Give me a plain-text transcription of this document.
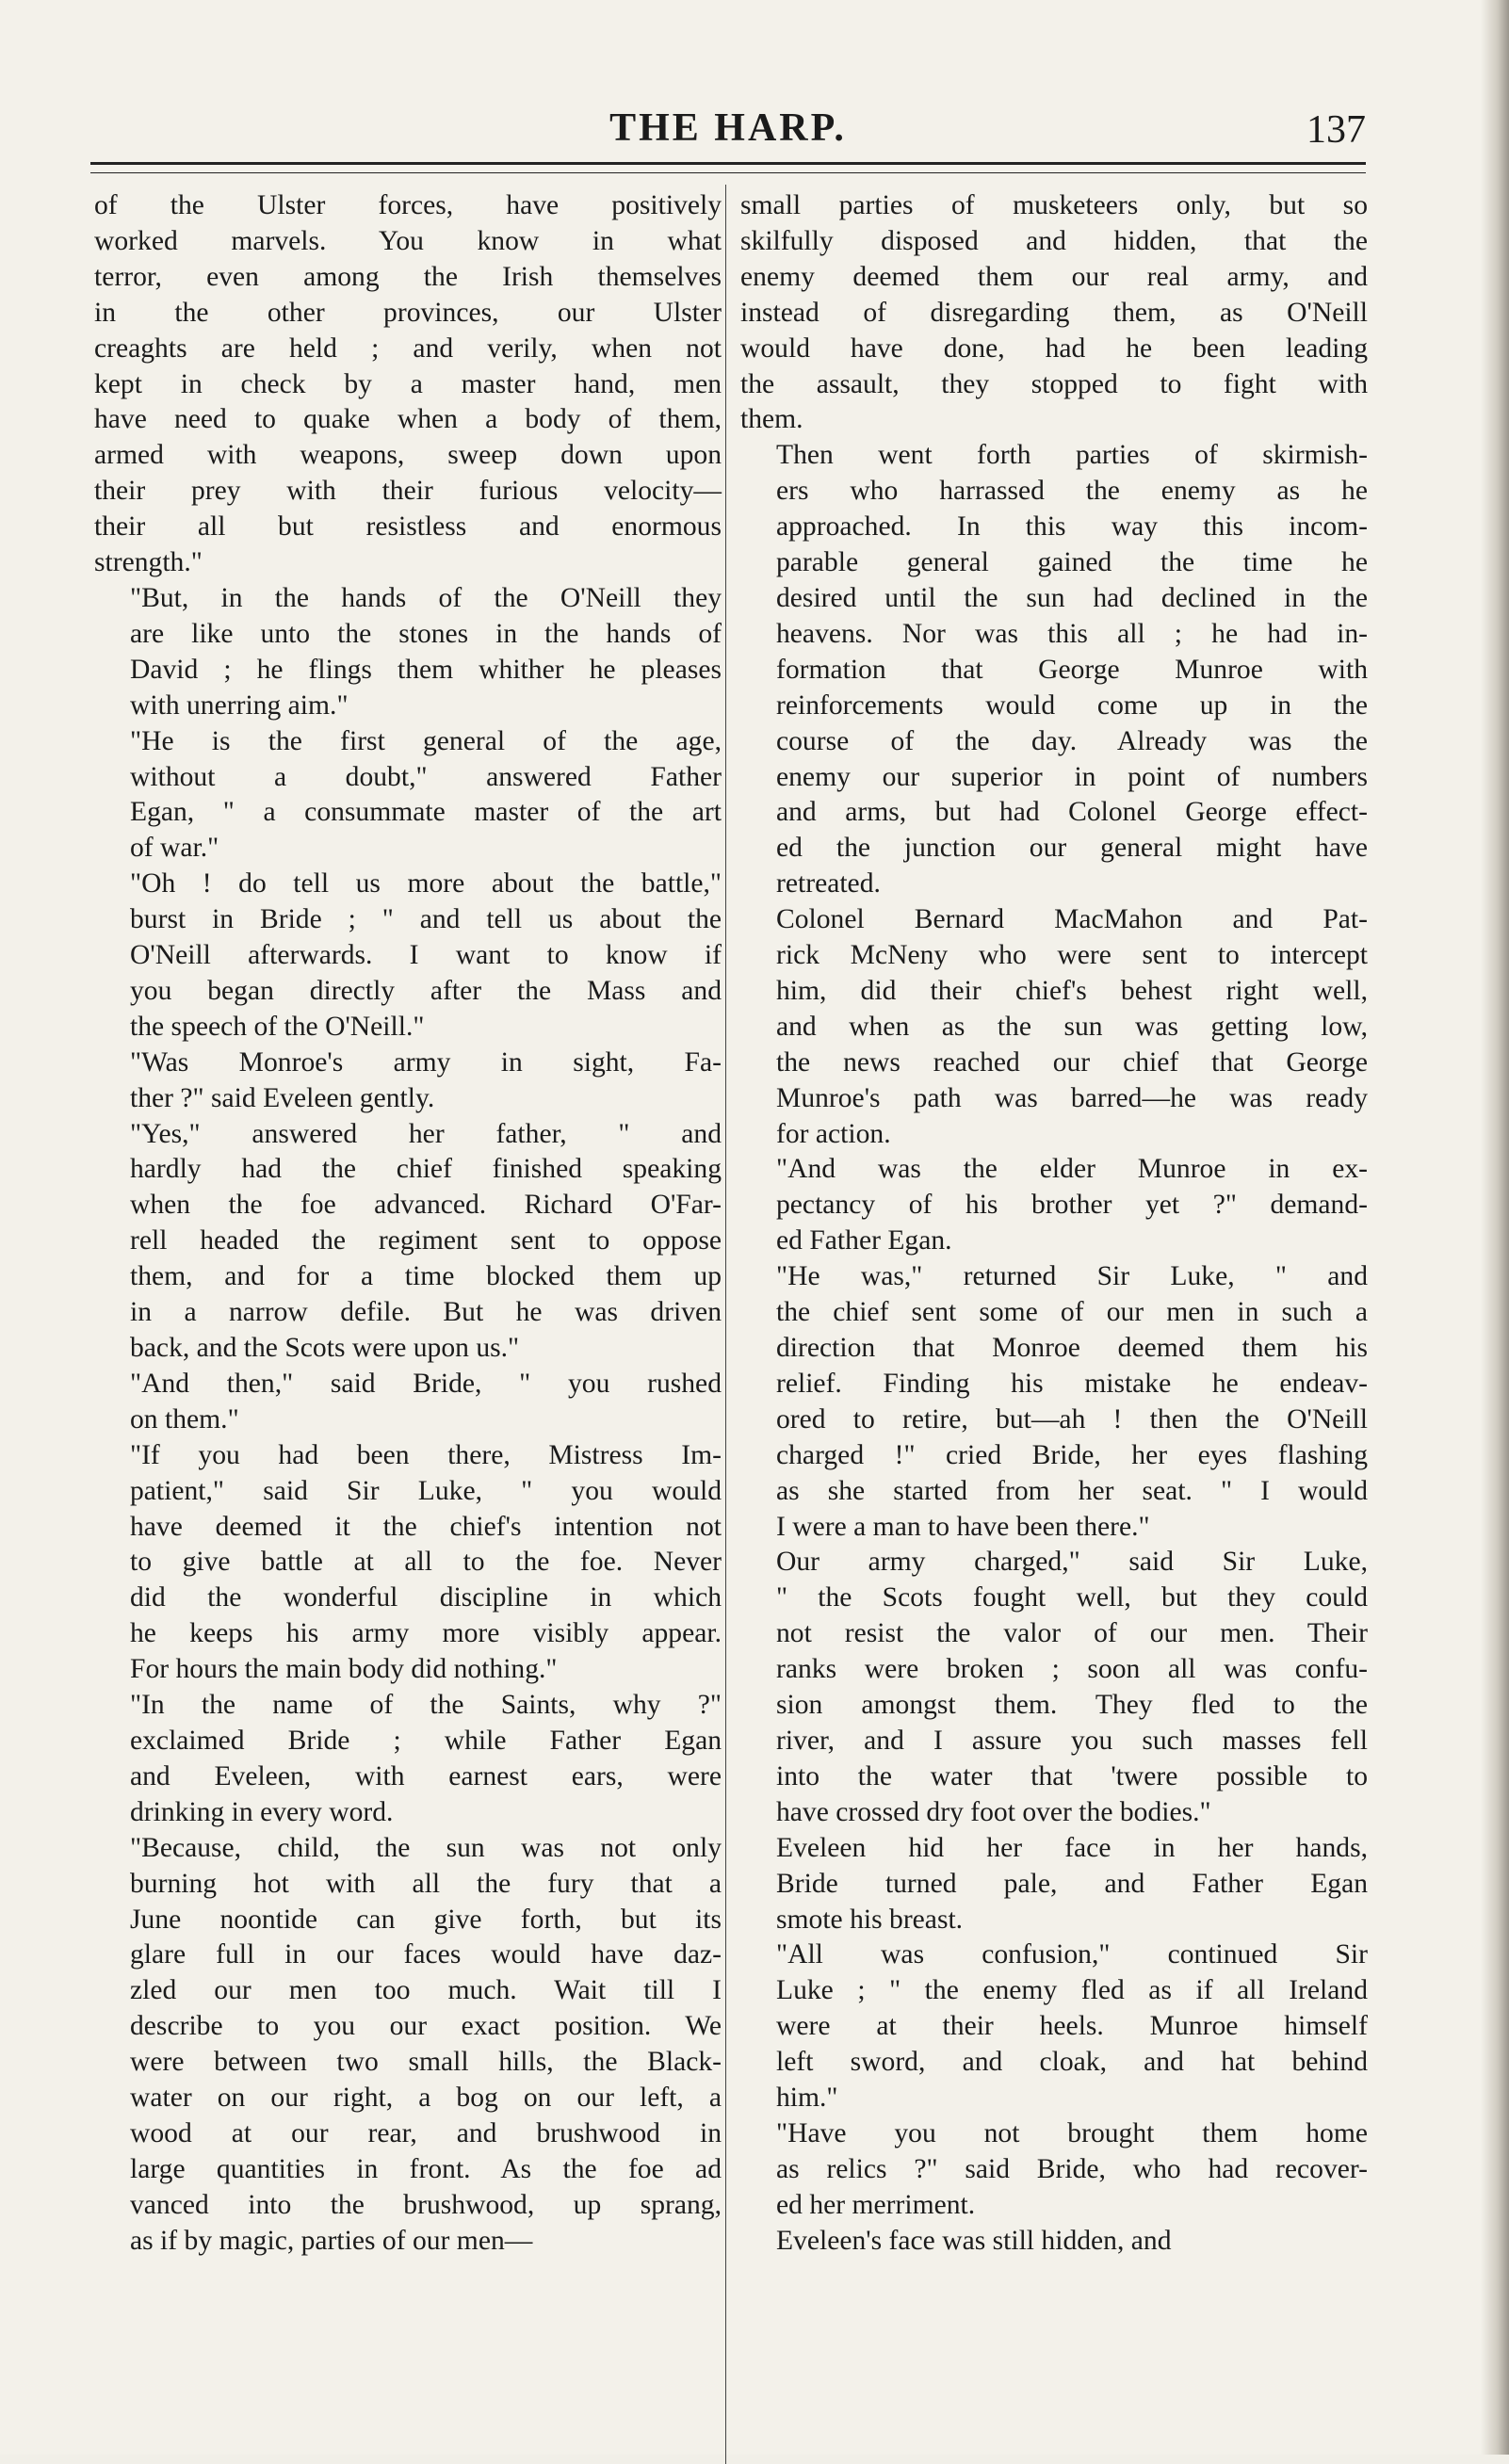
THE HARP.	137

of the Ulster forces, have positively
worked marvels. You know in what
terror, even among the Irish themselves
in the other provinces, our Ulster
creaghts are held ; and verily, when not
kept in check by a master hand, men
have need to quake when a body of them,
armed with weapons, sweep down upon
their prey with their furious velocity—
their all but resistless and enormous
strength."

"But, in the hands of the O'Neill they
are like unto the stones in the hands of
David ; he flings them whither he pleases
with unerring aim."

"He is the first general of the age,
without a doubt," answered Father
Egan, " a consummate master of the art
of war."

"Oh ! do tell us more about the battle,"
burst in Bride ; " and tell us about the
O'Neill afterwards. I want to know if
you began directly after the Mass and
the speech of the O'Neill."

"Was Monroe's army in sight, Fa-
ther ?" said Eveleen gently.

"Yes," answered her father, " and
hardly had the chief finished speaking
when the foe advanced. Richard O'Far-
rell headed the regiment sent to oppose
them, and for a time blocked them up
in a narrow defile. But he was driven
back, and the Scots were upon us."

"And then," said Bride, " you rushed
on them."

"If you had been there, Mistress Im-
patient," said Sir Luke, " you would
have deemed it the chief's intention not
to give battle at all to the foe. Never
did the wonderful discipline in which
he keeps his army more visibly appear.
For hours the main body did nothing."

"In the name of the Saints, why ?"
exclaimed Bride ; while Father Egan
and Eveleen, with earnest ears, were
drinking in every word.

"Because, child, the sun was not only
burning hot with all the fury that a
June noontide can give forth, but its
glare full in our faces would have daz-
zled our men too much. Wait till I
describe to you our exact position. We
were between two small hills, the Black-
water on our right, a bog on our left, a
wood at our rear, and brushwood in
large quantities in front. As the foe ad
vanced into the brushwood, up sprang,
as if by magic, parties of our men—

small parties of musketeers only, but so
skilfully disposed and hidden, that the
enemy deemed them our real army, and
instead of disregarding them, as O'Neill
would have done, had he been leading
the assault, they stopped to fight with
them.

Then went forth parties of skirmish-
ers who harrassed the enemy as he
approached. In this way this incom-
parable general gained the time he
desired until the sun had declined in the
heavens. Nor was this all ; he had in-
formation that George Munroe with
reinforcements would come up in the
course of the day. Already was the
enemy our superior in point of numbers
and arms, but had Colonel George effect-
ed the junction our general might have
retreated.

Colonel Bernard MacMahon and Pat-
rick McNeny who were sent to intercept
him, did their chief's behest right well,
and when as the sun was getting low,
the news reached our chief that George
Munroe's path was barred—he was ready
for action.

"And was the elder Munroe in ex-
pectancy of his brother yet ?" demand-
ed Father Egan.

"He was," returned Sir Luke, " and
the chief sent some of our men in such a
direction that Monroe deemed them his
relief. Finding his mistake he endeav-
ored to retire, but—ah ! then the O'Neill
charged !" cried Bride, her eyes flashing
as she started from her seat. " I would
I were a man to have been there."

Our army charged," said Sir Luke,
" the Scots fought well, but they could
not resist the valor of our men. Their
ranks were broken ; soon all was confu-
sion amongst them. They fled to the
river, and I assure you such masses fell
into the water that 'twere possible to
have crossed dry foot over the bodies."

Eveleen hid her face in her hands,
Bride turned pale, and Father Egan
smote his breast.

"All was confusion," continued Sir
Luke ; " the enemy fled as if all Ireland
were at their heels. Munroe himself
left sword, and cloak, and hat behind
him."

"Have you not brought them home
as relics ?" said Bride, who had recover-
ed her merriment.

Eveleen's face was still hidden, and
